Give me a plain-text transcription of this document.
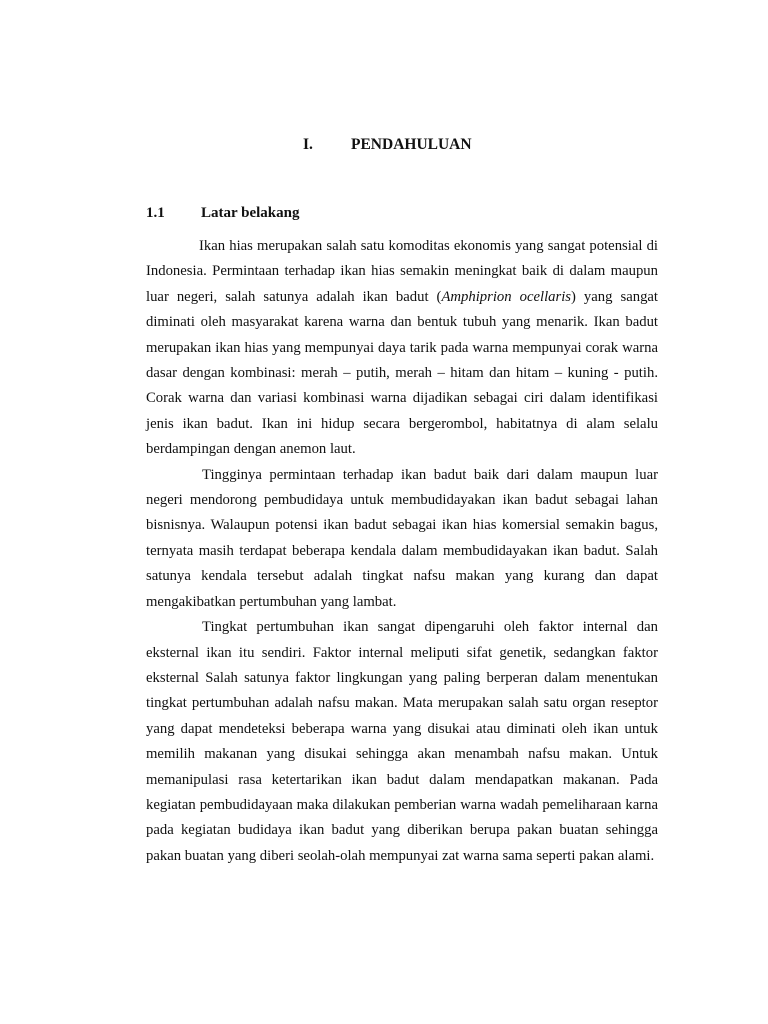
I. PENDAHULUAN
1.1 Latar belakang

Ikan hias merupakan salah satu komoditas ekonomis yang sangat potensial di Indonesia. Permintaan terhadap ikan hias semakin meningkat baik di dalam maupun luar negeri, salah satunya adalah ikan badut (Amphiprion ocellaris) yang sangat diminati oleh masyarakat karena warna dan bentuk tubuh yang menarik. Ikan badut merupakan ikan hias yang mempunyai daya tarik pada warna mempunyai corak warna dasar dengan kombinasi: merah – putih, merah – hitam dan hitam – kuning - putih. Corak warna dan variasi kombinasi warna dijadikan sebagai ciri dalam identifikasi jenis ikan badut. Ikan ini hidup secara bergerombol, habitatnya di alam selalu berdampingan dengan anemon laut.

Tingginya permintaan terhadap ikan badut baik dari dalam maupun luar negeri mendorong pembudidaya untuk membudidayakan ikan badut sebagai lahan bisnisnya. Walaupun potensi ikan badut sebagai ikan hias komersial semakin bagus, ternyata masih terdapat beberapa kendala dalam membudidayakan ikan badut. Salah satunya kendala tersebut adalah tingkat nafsu makan yang kurang dan dapat mengakibatkan pertumbuhan yang lambat.

Tingkat pertumbuhan ikan sangat dipengaruhi oleh faktor internal dan eksternal ikan itu sendiri. Faktor internal meliputi sifat genetik, sedangkan faktor eksternal Salah satunya faktor lingkungan yang paling berperan dalam menentukan tingkat pertumbuhan adalah nafsu makan. Mata merupakan salah satu organ reseptor yang dapat mendeteksi beberapa warna yang disukai atau diminati oleh ikan untuk memilih makanan yang disukai sehingga akan menambah nafsu makan. Untuk memanipulasi rasa ketertarikan ikan badut dalam mendapatkan makanan. Pada kegiatan pembudidayaan maka dilakukan pemberian warna wadah pemeliharaan karna pada kegiatan budidaya ikan badut yang diberikan berupa pakan buatan sehingga pakan buatan yang diberi seolah-olah mempunyai zat warna sama seperti pakan alami.
